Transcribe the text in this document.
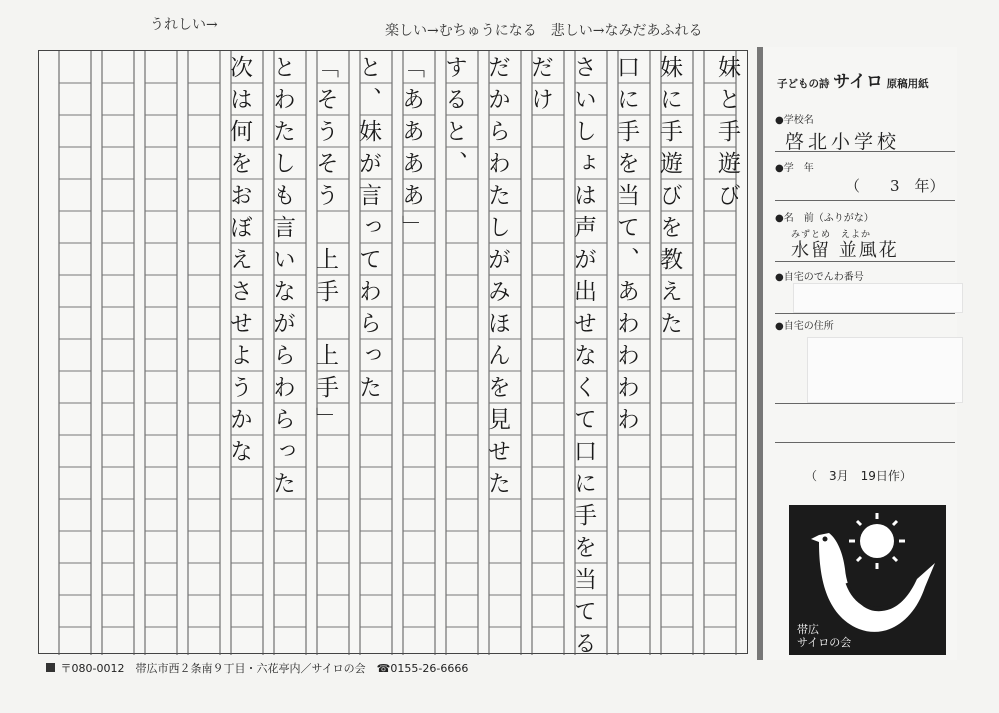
うれしい→	楽しい→むちゅうになる　悲しい→なみだあふれる
妹と手遊び
妹に手遊びを教えた
口に手を当て、あわわわわ
さいしょは声が出せなくて口に手を当てる
だけ
だからわたしがみほんを見せた
すると、
「ああああ」
と、妹が言ってわらった
「そうそう　上手　上手」
とわたしも言いながらわらった
次は何をおぼえさせようかな	子どもの詩 サイロ 原稿用紙
●学校名
啓北小学校
●学　年
（　　3　年）
●名　前（ふりがな）
みずとめ　えよか
水留 並風花
●自宅のでんわ番号
●自宅の住所
（　3月　19日作）
帯広
サイロの会
〒080-0012　帯広市西２条南９丁目・六花亭内／サイロの会　☎0155-26-6666
